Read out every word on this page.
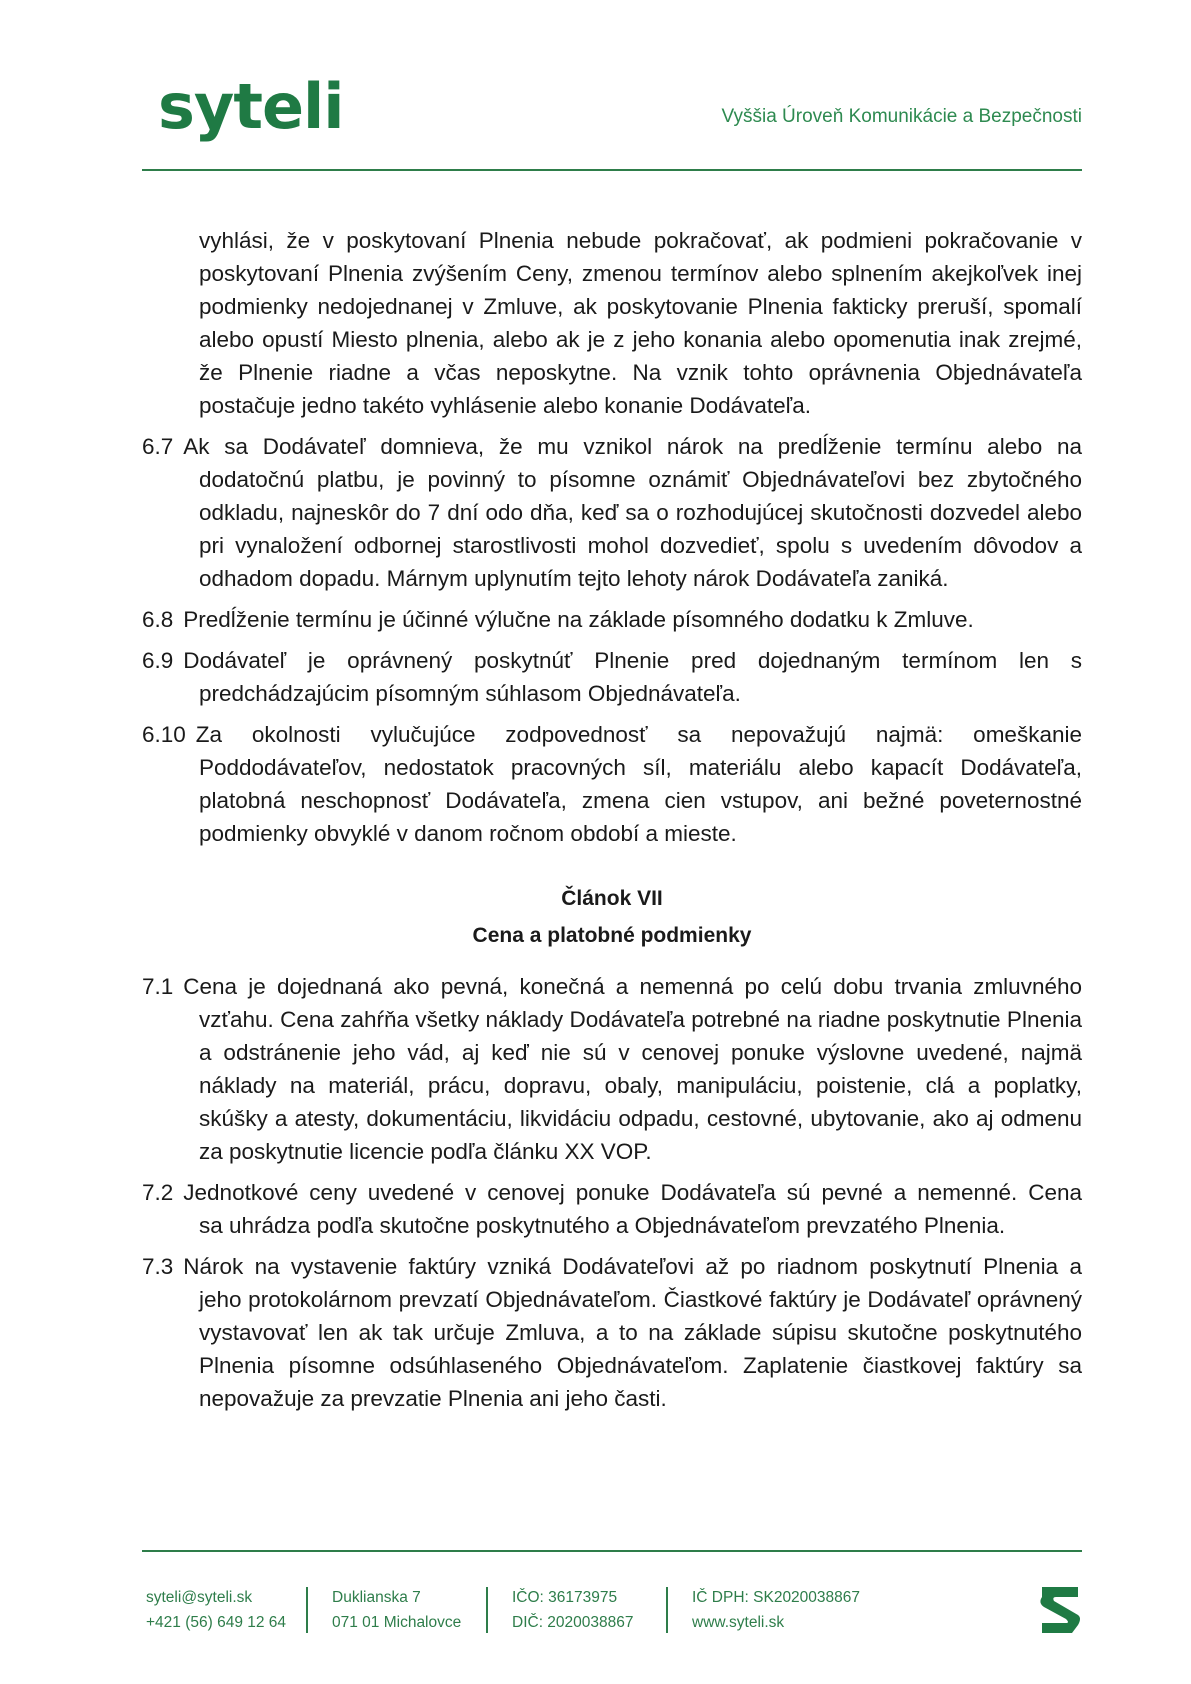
syteli	Vyššia Úroveň Komunikácie a Bezpečnosti

vyhlási, že v poskytovaní Plnenia nebude pokračovať, ak podmieni pokračovanie v poskytovaní Plnenia zvýšením Ceny, zmenou termínov alebo splnením akejkoľvek inej podmienky nedojednanej v Zmluve, ak poskytovanie Plnenia fakticky preruší, spomalí alebo opustí Miesto plnenia, alebo ak je z jeho konania alebo opomenutia inak zrejmé, že Plnenie riadne a včas neposkytne. Na vznik tohto oprávnenia Objednávateľa postačuje jedno takéto vyhlásenie alebo konanie Dodávateľa.

6.7 Ak sa Dodávateľ domnieva, že mu vznikol nárok na predĺženie termínu alebo na
dodatočnú platbu, je povinný to písomne oznámiť Objednávateľovi bez zbytočného odkladu, najneskôr do 7 dní odo dňa, keď sa o rozhodujúcej skutočnosti dozvedel alebo pri vynaložení odbornej starostlivosti mohol dozvedieť, spolu s uvedením dôvodov a odhadom dopadu. Márnym uplynutím tejto lehoty nárok Dodávateľa zaniká.
6.8 Predĺženie termínu je účinné výlučne na základe písomného dodatku k Zmluve.
6.9 Dodávateľ je oprávnený poskytnúť Plnenie pred dojednaným termínom len s
predchádzajúcim písomným súhlasom Objednávateľa.
6.10 Za okolnosti vylučujúce zodpovednosť sa nepovažujú najmä: omeškanie
Poddodávateľov, nedostatok pracovných síl, materiálu alebo kapacít Dodávateľa, platobná neschopnosť Dodávateľa, zmena cien vstupov, ani bežné poveternostné podmienky obvyklé v danom ročnom období a mieste.
Článok VII
Cena a platobné podmienky
7.1 Cena je dojednaná ako pevná, konečná a nemenná po celú dobu trvania zmluvného
vzťahu. Cena zahŕňa všetky náklady Dodávateľa potrebné na riadne poskytnutie Plnenia a odstránenie jeho vád, aj keď nie sú v cenovej ponuke výslovne uvedené, najmä náklady na materiál, prácu, dopravu, obaly, manipuláciu, poistenie, clá a poplatky, skúšky a atesty, dokumentáciu, likvidáciu odpadu, cestovné, ubytovanie, ako aj odmenu za poskytnutie licencie podľa článku XX VOP.
7.2 Jednotkové ceny uvedené v cenovej ponuke Dodávateľa sú pevné a nemenné. Cena
sa uhrádza podľa skutočne poskytnutého a Objednávateľom prevzatého Plnenia.
7.3 Nárok na vystavenie faktúry vzniká Dodávateľovi až po riadnom poskytnutí Plnenia a
jeho protokolárnom prevzatí Objednávateľom. Čiastkové faktúry je Dodávateľ oprávnený vystavovať len ak tak určuje Zmluva, a to na základe súpisu skutočne poskytnutého Plnenia písomne odsúhlaseného Objednávateľom. Zaplatenie čiastkovej faktúry sa nepovažuje za prevzatie Plnenia ani jeho časti.
syteli@syteli.sk
+421 (56) 649 12 64
Duklianska 7
071 01 Michalovce
IČO: 36173975
DIČ: 2020038867
IČ DPH: SK2020038867
www.syteli.sk
